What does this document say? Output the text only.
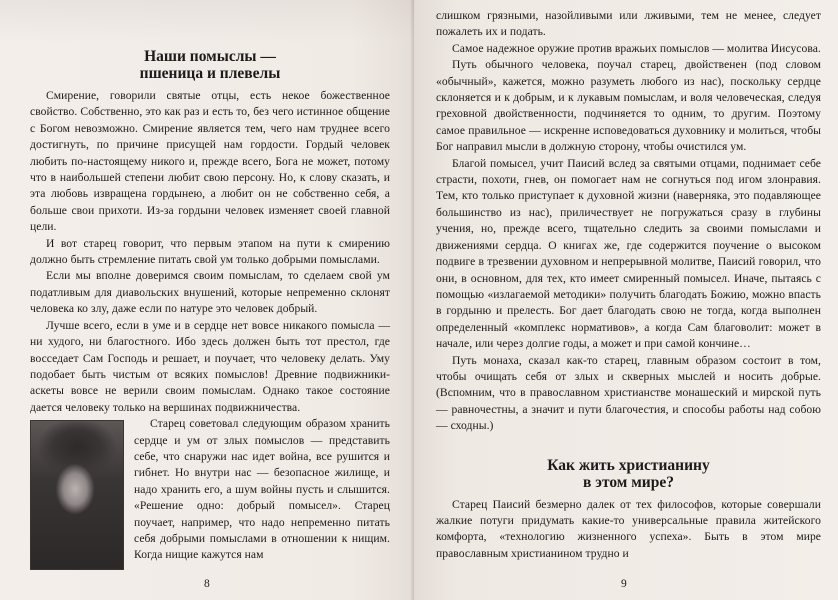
Наши помыслы —
пшеница и плевелы

Смирение, говорили святые отцы, есть некое божественное свойство. Собственно, это как раз и есть то, без чего истинное общение с Богом невозможно. Смирение является тем, чего нам труднее всего достигнуть, по причине присущей нам гордости. Гордый человек любить по-настоящему никого и, прежде всего, Бога не может, потому что в наибольшей степени любит свою персону. Но, к слову сказать, и эта любовь извращена гордынею, а любит он не собственно себя, а больше свои прихоти. Из-за гордыни человек изменяет своей главной цели.

И вот старец говорит, что первым этапом на пути к смирению должно быть стремление питать свой ум только добрыми помыслами.

Если мы вполне доверимся своим помыслам, то сделаем свой ум податливым для диавольских внушений, которые непременно склонят человека ко злу, даже если по натуре это человек добрый.

Лучше всего, если в уме и в сердце нет вовсе никакого помысла — ни худого, ни благостного. Ибо здесь должен быть тот престол, где восседает Сам Господь и решает, и поучает, что человеку делать. Уму подобает быть чистым от всяких помыслов! Древние подвижники-аскеты вовсе не верили своим помыслам. Однако такое состояние дается человеку только на вершинах подвижничества.

Старец советовал следующим образом хранить сердце и ум от злых помыслов — представить себе, что снаружи нас идет война, все рушится и гибнет. Но внутри нас — безопасное жилище, и надо хранить его, а шум войны пусть и слышится. «Решение одно: добрый помысел». Старец поучает, например, что надо непременно питать себя добрыми помыслами в отношении к нищим. Когда нищие кажутся нам

8

слишком грязными, назойливыми или лживыми, тем не менее, следует пожалеть их и подать.

Самое надежное оружие против вражьих помыслов — молитва Иисусова.

Путь обычного человека, поучал старец, двойственен (под словом «обычный», кажется, можно разуметь любого из нас), поскольку сердце склоняется и к добрым, и к лукавым помыслам, и воля человеческая, следуя греховной двойственности, подчиняется то одним, то другим. Поэтому самое правильное — искренне исповедоваться духовнику и молиться, чтобы Бог направил мысли в должную сторону, чтобы очистился ум.

Благой помысел, учит Паисий вслед за святыми отцами, поднимает себе страсти, похоти, гнев, он помогает нам не согнуться под игом злонравия. Тем, кто только приступает к духовной жизни (наверняка, это подавляющее большинство из нас), приличествует не погружаться сразу в глубины учения, но, прежде всего, тщательно следить за своими помыслами и движениями сердца. О книгах же, где содержится поучение о высоком подвиге в трезвении духовном и непрерывной молитве, Паисий говорил, что они, в основном, для тех, кто имеет смиренный помысел. Иначе, пытаясь с помощью «излагаемой методики» получить благодать Божию, можно впасть в гордыню и прелесть. Бог дает благодать свою не тогда, когда выполнен определенный «комплекс нормативов», а когда Сам благоволит: может в начале, или через долгие годы, а может и при самой кончине…

Путь монаха, сказал как-то старец, главным образом состоит в том, чтобы очищать себя от злых и скверных мыслей и носить добрые. (Вспомним, что в православном христианстве монашеский и мирской путь — равночестны, а значит и пути благочестия, и способы работы над собою — сходны.)

Как жить христианину
в этом мире?

Старец Паисий безмерно далек от тех философов, которые совершали жалкие потуги придумать какие-то универсальные правила житейского комфорта, «технологию жизненного успеха». Быть в этом мире православным христианином трудно и

9
